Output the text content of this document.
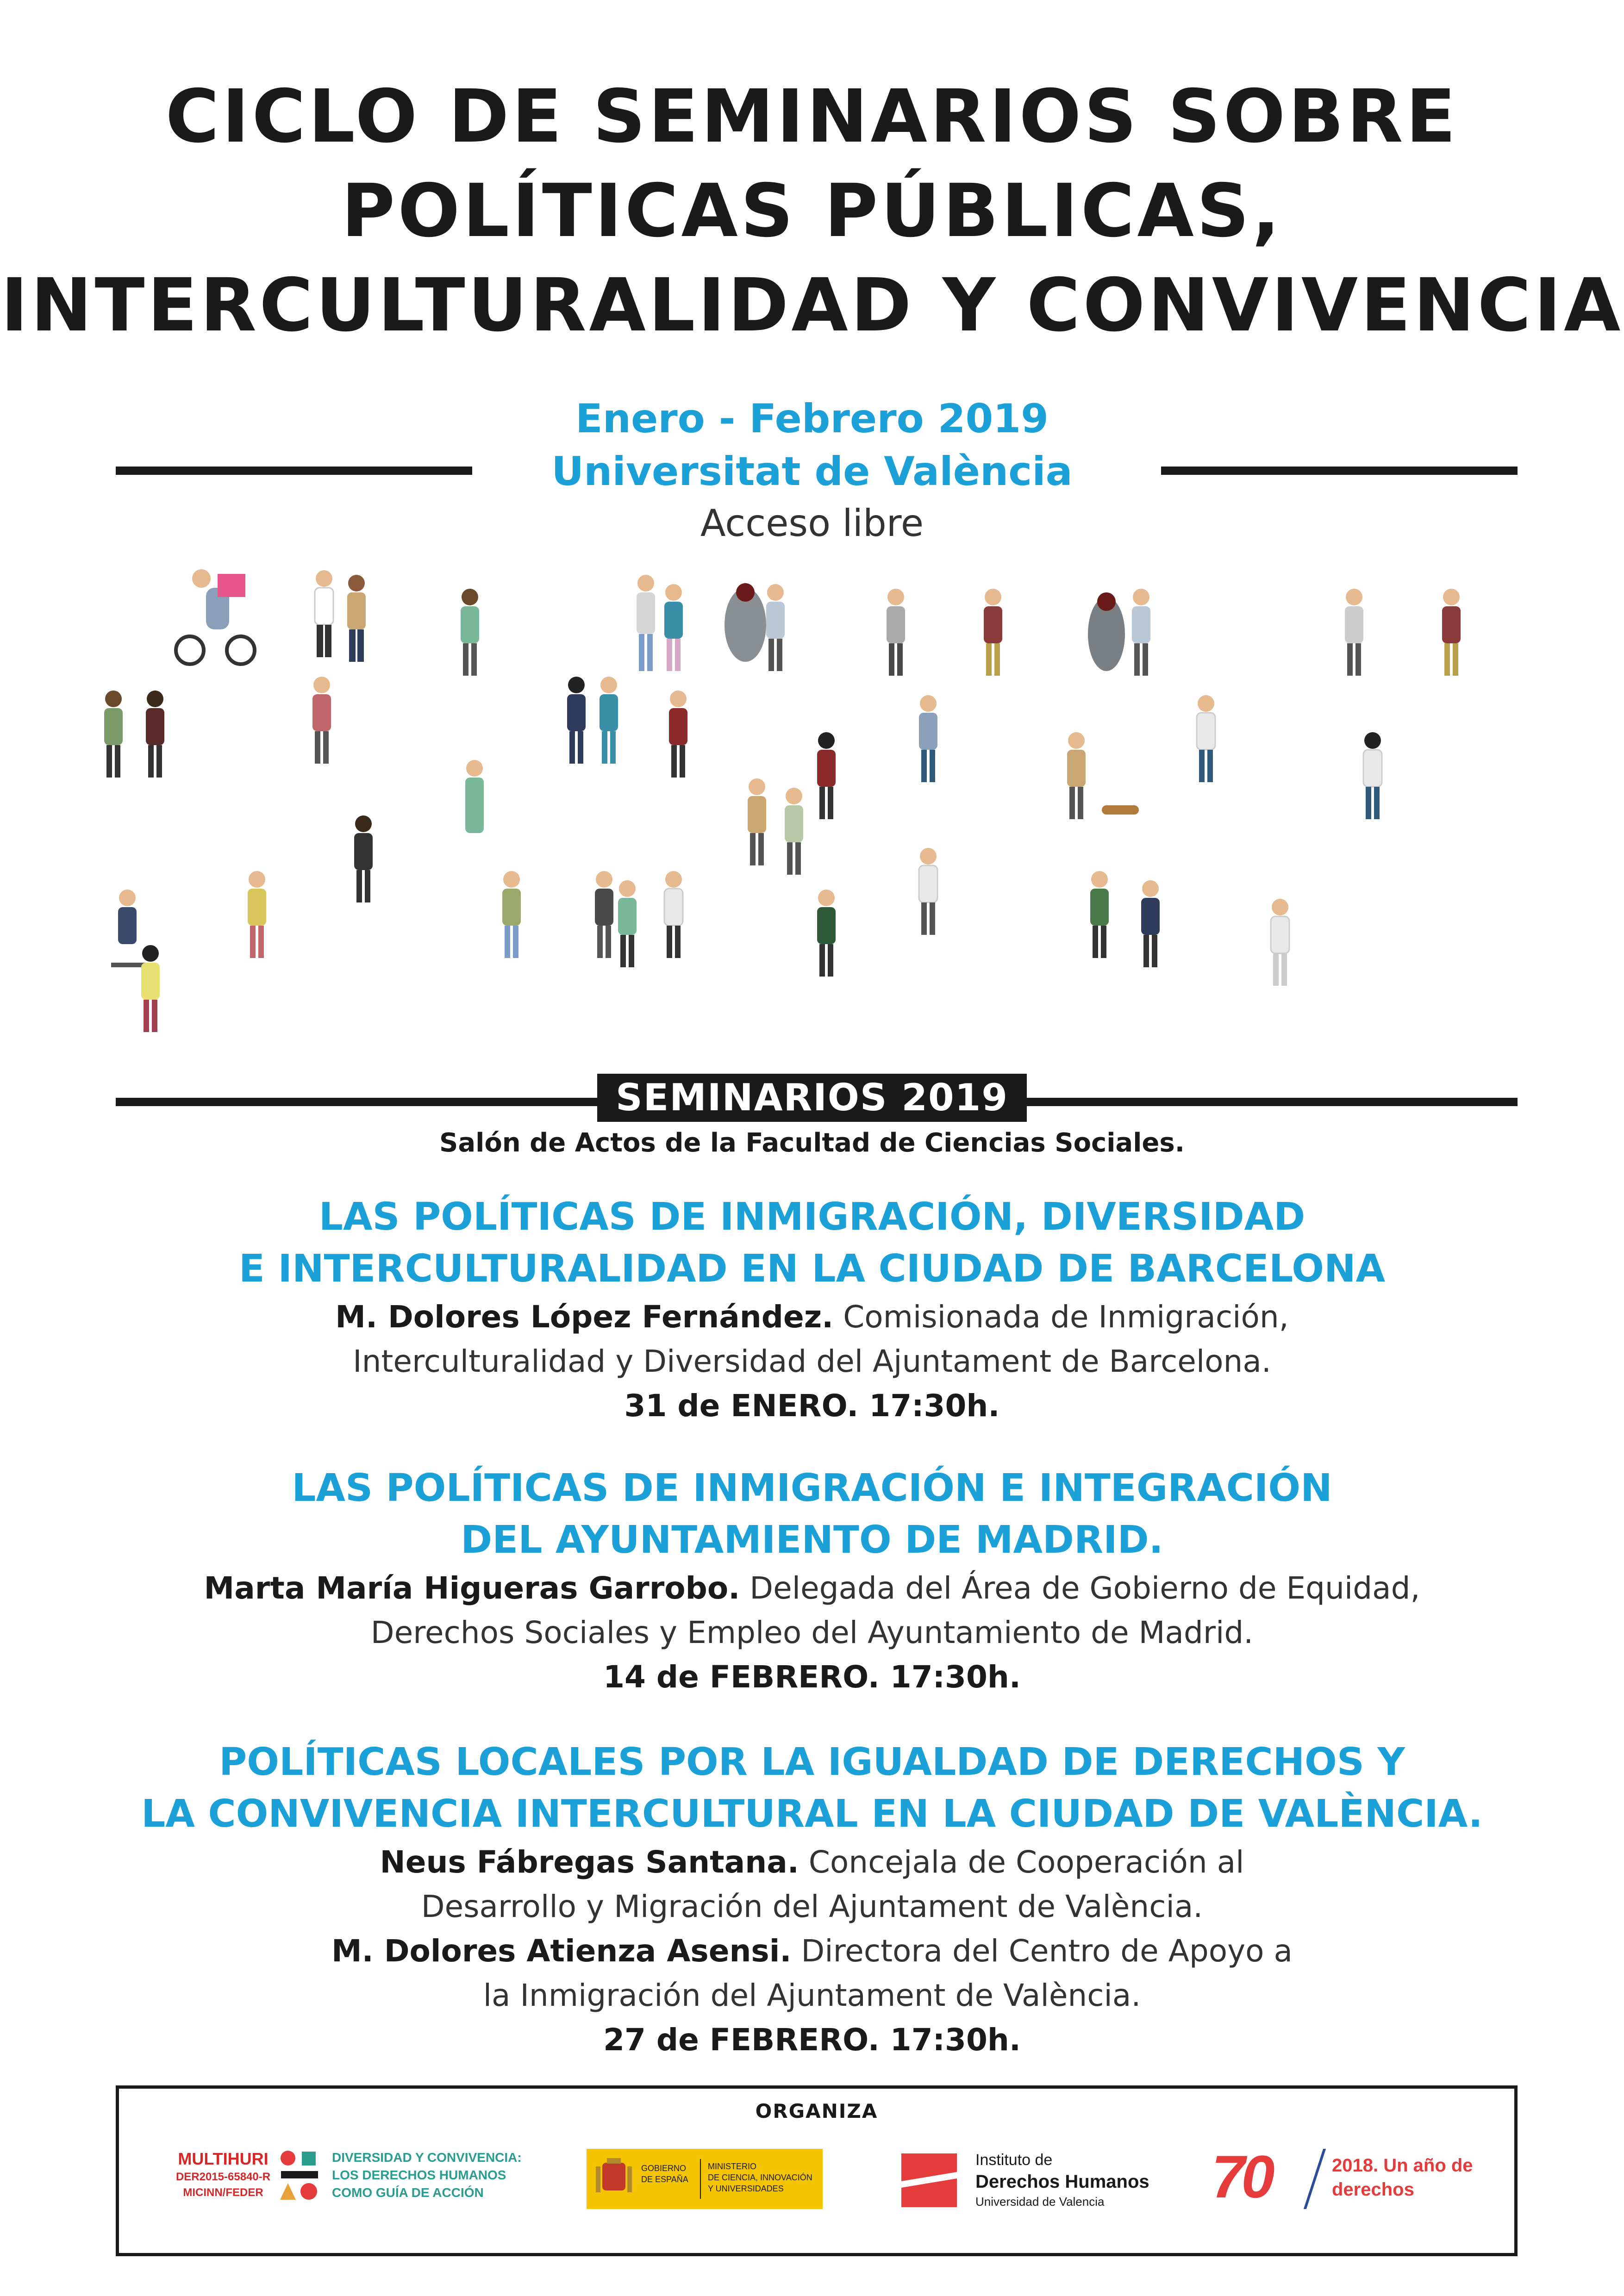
CICLO DE SEMINARIOS SOBRE
POLÍTICAS PÚBLICAS,
INTERCULTURALIDAD Y CONVIVENCIA
Enero - Febrero 2019
Universitat de València
Acceso libre
SEMINARIOS 2019
Salón de Actos de la Facultad de Ciencias Sociales.
LAS POLÍTICAS DE INMIGRACIÓN, DIVERSIDAD
E INTERCULTURALIDAD EN LA CIUDAD DE BARCELONA
M. Dolores López Fernández. Comisionada de Inmigración,
Interculturalidad y Diversidad del Ajuntament de Barcelona.
31 de ENERO. 17:30h.
LAS POLÍTICAS DE INMIGRACIÓN E INTEGRACIÓN
DEL AYUNTAMIENTO DE MADRID.
Marta María Higueras Garrobo. Delegada del Área de Gobierno de Equidad,
Derechos Sociales y Empleo del Ayuntamiento de Madrid.
14 de FEBRERO. 17:30h.
POLÍTICAS LOCALES POR LA IGUALDAD DE DERECHOS Y
LA CONVIVENCIA INTERCULTURAL EN LA CIUDAD DE VALÈNCIA.
Neus Fábregas Santana. Concejala de Cooperación al
Desarrollo y Migración del Ajuntament de València.
M. Dolores Atienza Asensi. Directora del Centro de Apoyo a
la Inmigración del Ajuntament de València.
27 de FEBRERO. 17:30h.
ORGANIZA
MULTIHURI
DER2015-65840-R
MICINN/FEDER
DIVERSIDAD Y CONVIVENCIA:
LOS DERECHOS HUMANOS
COMO GUÍA DE ACCIÓN
GOBIERNO
DE ESPAÑA
MINISTERIO
DE CIENCIA, INNOVACIÓN
Y UNIVERSIDADES
Instituto de
Derechos Humanos
Universidad de Valencia	70	2018. Un año de
derechos
